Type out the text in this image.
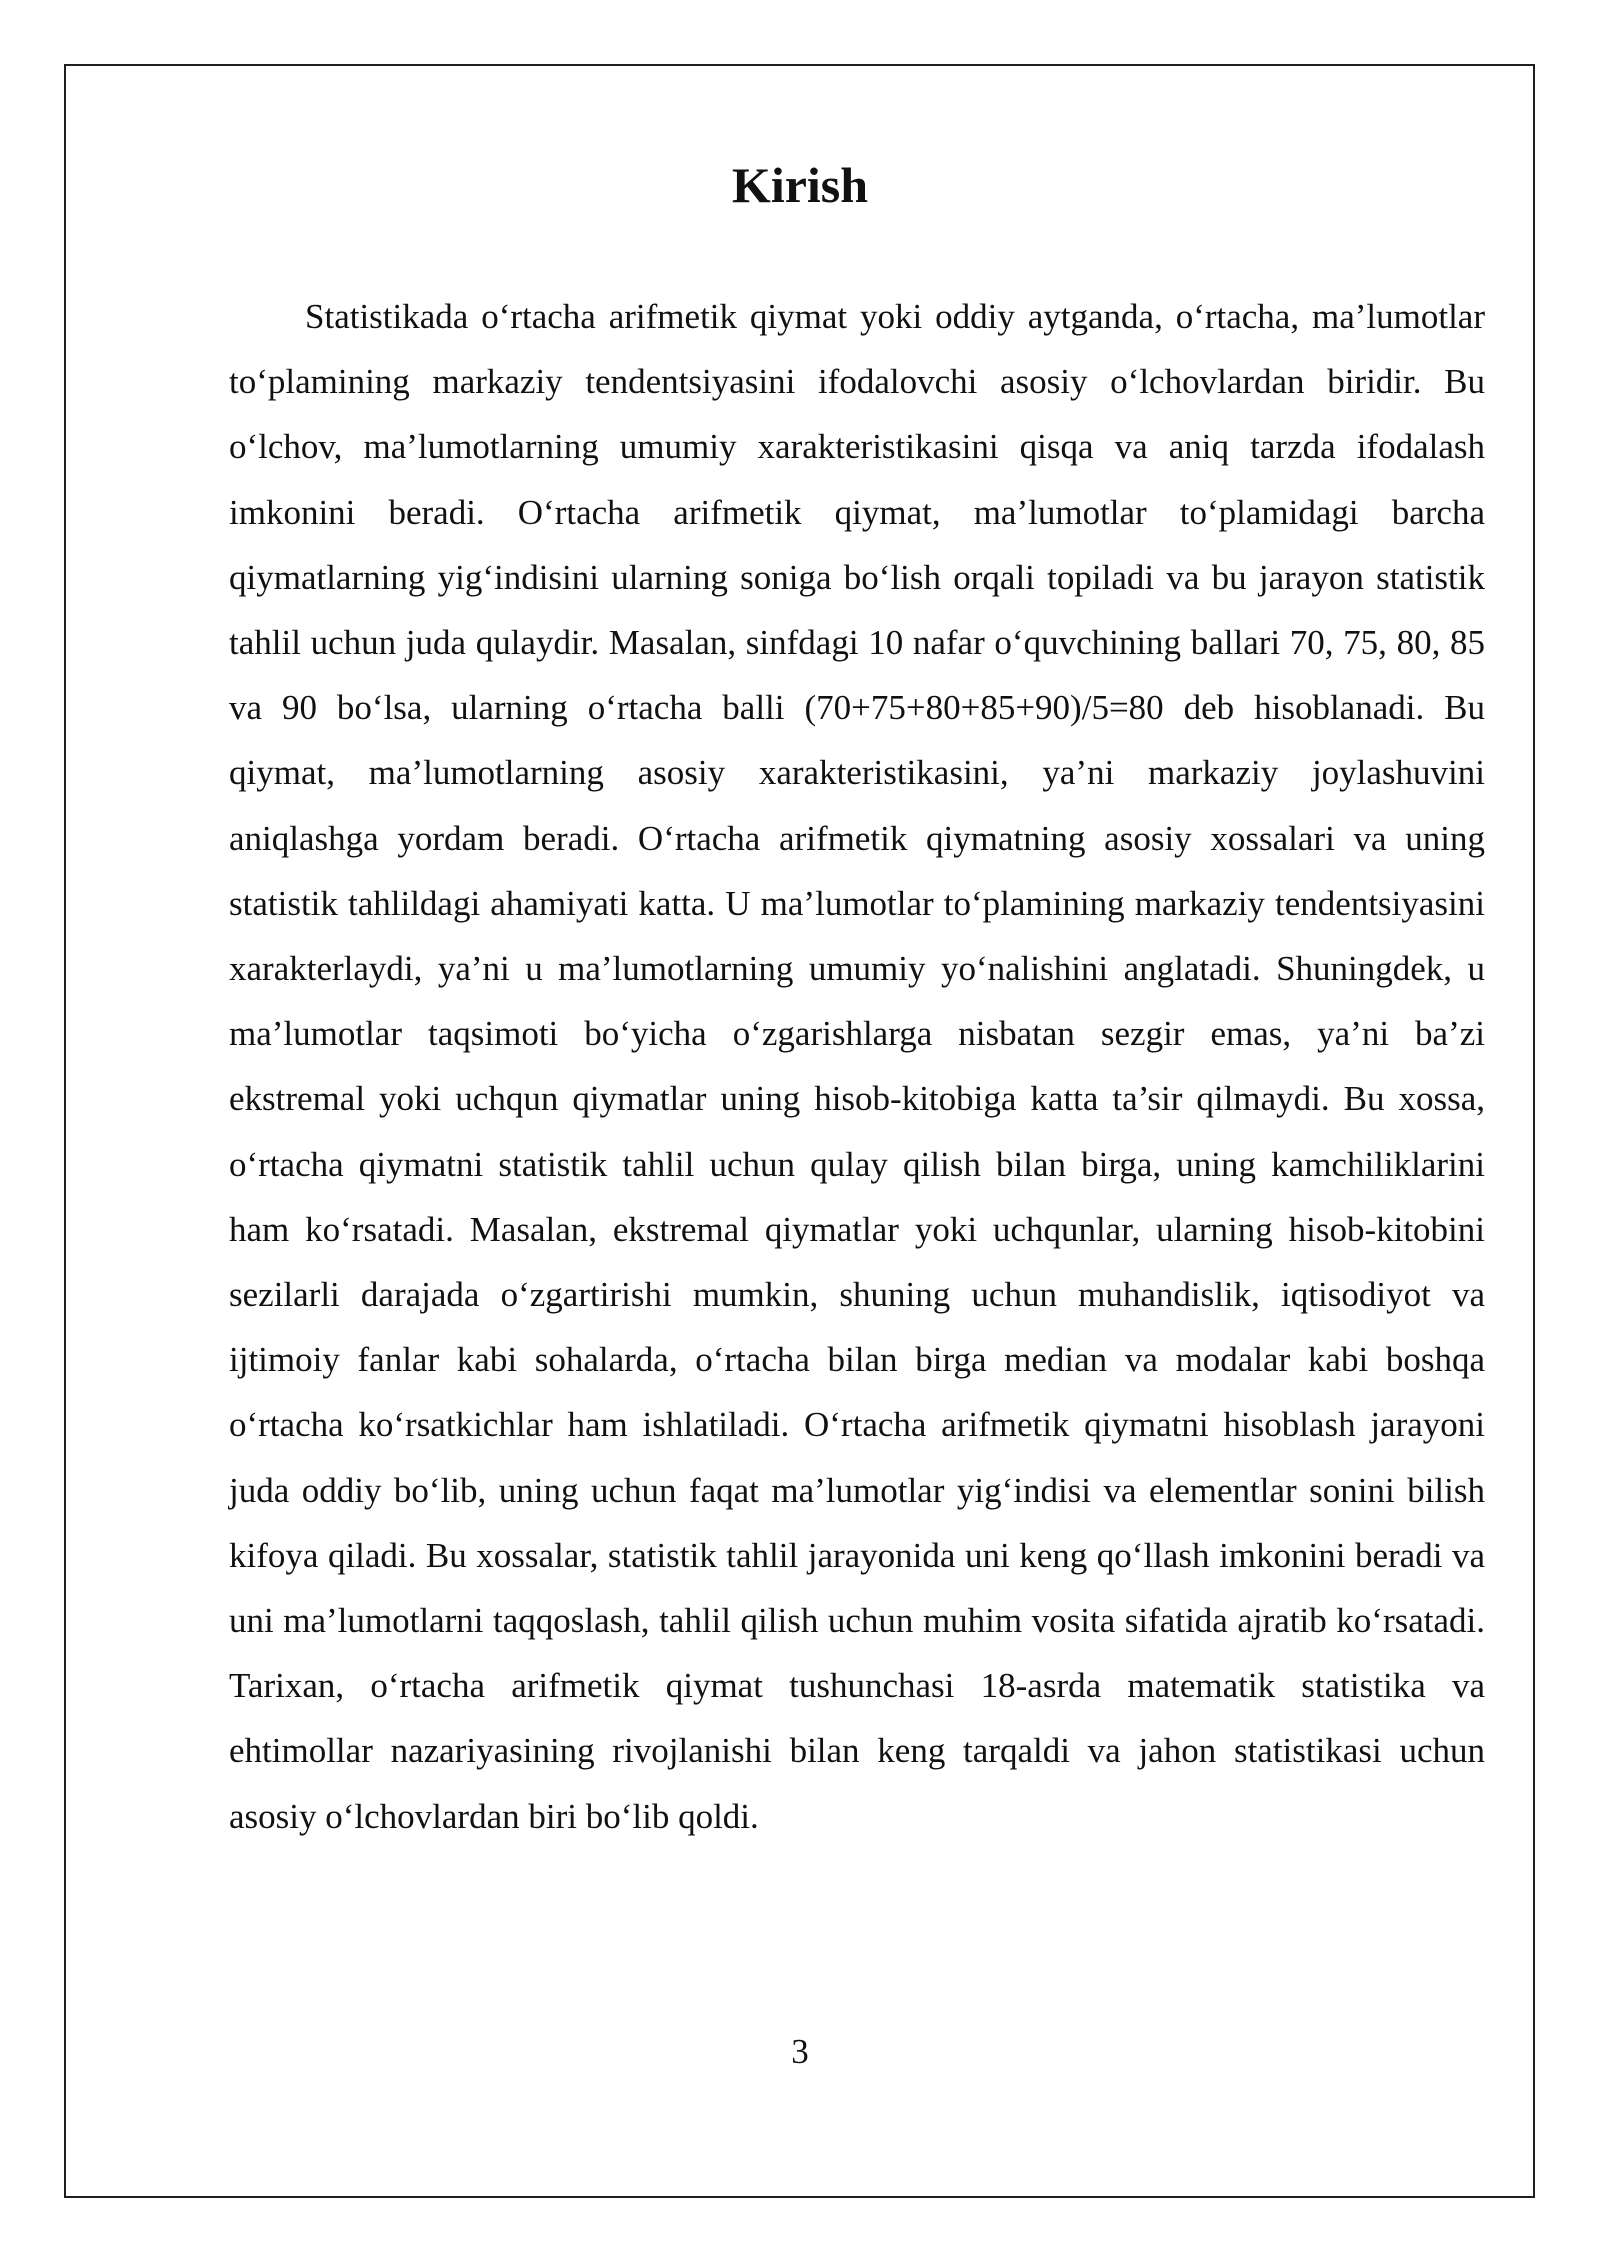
Kirish

Statistikada o‘rtacha arifmetik qiymat yoki oddiy aytganda, o‘rtacha, ma’lumotlar to‘plamining markaziy tendentsiyasini ifodalovchi asosiy o‘lchovlardan biridir. Bu o‘lchov, ma’lumotlarning umumiy xarakteristikasini qisqa va aniq tarzda ifodalash imkonini beradi. O‘rtacha arifmetik qiymat, ma’lumotlar to‘plamidagi barcha qiymatlarning yig‘indisini ularning soniga bo‘lish orqali topiladi va bu jarayon statistik tahlil uchun juda qulaydir. Masalan, sinfdagi 10 nafar o‘quvchining ballari 70, 75, 80, 85 va 90 bo‘lsa, ularning o‘rtacha balli (70+75+80+85+90)/5=80 deb hisoblanadi. Bu qiymat, ma’lumotlarning asosiy xarakteristikasini, ya’ni markaziy joylashuvini aniqlashga yordam beradi. O‘rtacha arifmetik qiymatning asosiy xossalari va uning statistik tahlildagi ahamiyati katta. U ma’lumotlar to‘plamining markaziy tendentsiyasini xarakterlaydi, ya’ni u ma’lumotlarning umumiy yo‘nalishini anglatadi. Shuningdek, u ma’lumotlar taqsimoti bo‘yicha o‘zgarishlarga nisbatan sezgir emas, ya’ni ba’zi ekstremal yoki uchqun qiymatlar uning hisob-kitobiga katta ta’sir qilmaydi. Bu xossa, o‘rtacha qiymatni statistik tahlil uchun qulay qilish bilan birga, uning kamchiliklarini ham ko‘rsatadi. Masalan, ekstremal qiymatlar yoki uchqunlar, ularning hisob-kitobini sezilarli darajada o‘zgartirishi mumkin, shuning uchun muhandislik, iqtisodiyot va ijtimoiy fanlar kabi sohalarda, o‘rtacha bilan birga median va modalar kabi boshqa o‘rtacha ko‘rsatkichlar ham ishlatiladi. O‘rtacha arifmetik qiymatni hisoblash jarayoni juda oddiy bo‘lib, uning uchun faqat ma’lumotlar yig‘indisi va elementlar sonini bilish kifoya qiladi. Bu xossalar, statistik tahlil jarayonida uni keng qo‘llash imkonini beradi va uni ma’lumotlarni taqqoslash, tahlil qilish uchun muhim vosita sifatida ajratib ko‘rsatadi. Tarixan, o‘rtacha arifmetik qiymat tushunchasi 18-asrda matematik statistika va ehtimollar nazariyasining rivojlanishi bilan keng tarqaldi va jahon statistikasi uchun asosiy o‘lchovlardan biri bo‘lib qoldi.

3
